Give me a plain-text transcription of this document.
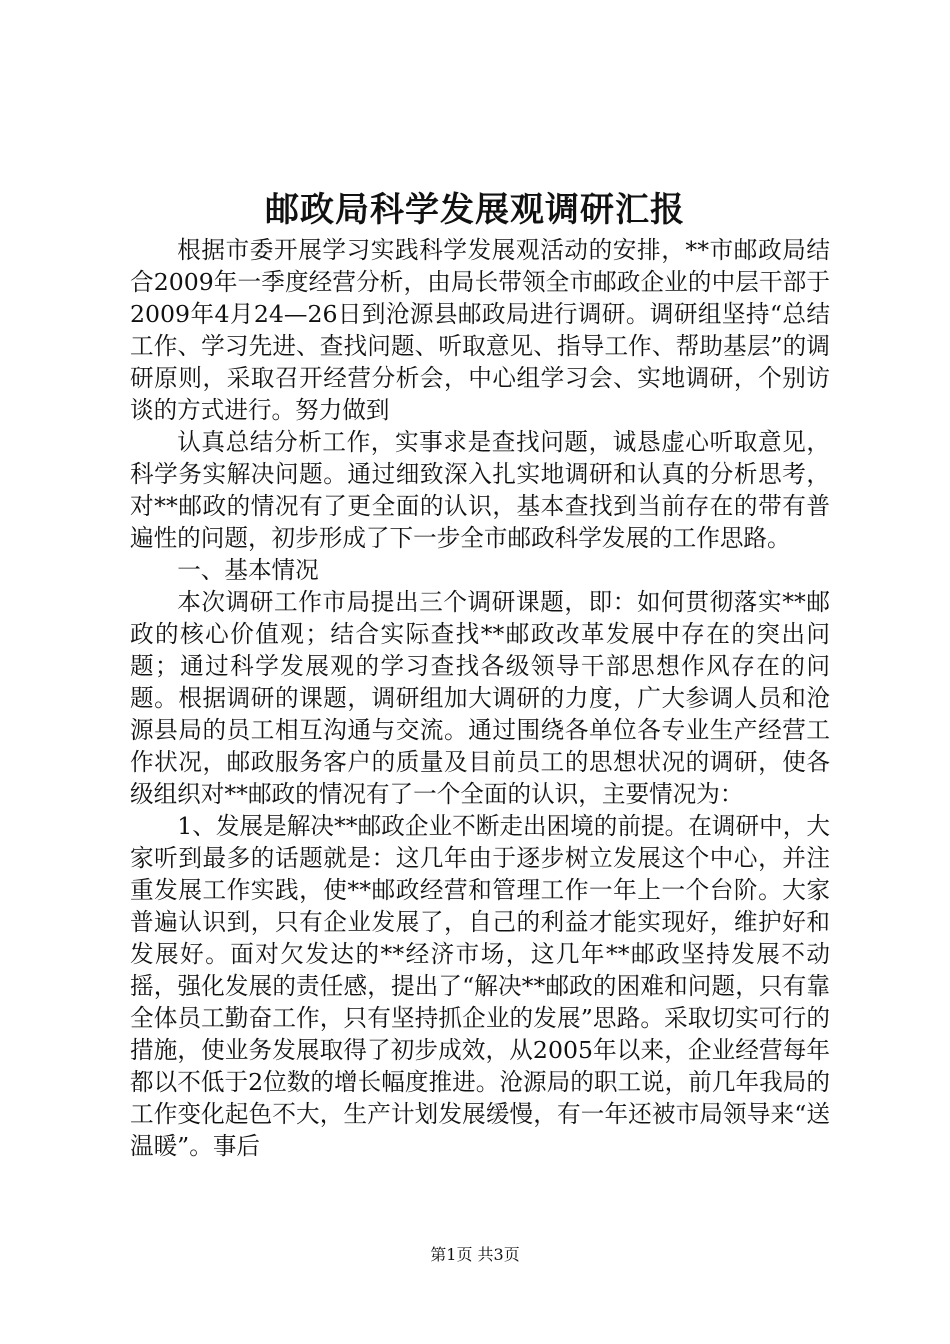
邮政局科学发展观调研汇报

根据市委开展学习实践科学发展观活动的安排，**市邮政局结合2009年一季度经营分析，由局长带领全市邮政企业的中层干部于2009年4月24—26日到沧源县邮政局进行调研。调研组坚持“总结工作、学习先进、查找问题、听取意见、指导工作、帮助基层”的调研原则，采取召开经营分析会，中心组学习会、实地调研，个别访谈的方式进行。努力做到

认真总结分析工作，实事求是查找问题，诚恳虚心听取意见，科学务实解决问题。通过细致深入扎实地调研和认真的分析思考，对**邮政的情况有了更全面的认识，基本查找到当前存在的带有普遍性的问题，初步形成了下一步全市邮政科学发展的工作思路。

一、基本情况

本次调研工作市局提出三个调研课题，即：如何贯彻落实**邮政的核心价值观；结合实际查找**邮政改革发展中存在的突出问题；通过科学发展观的学习查找各级领导干部思想作风存在的问题。根据调研的课题，调研组加大调研的力度，广大参调人员和沧源县局的员工相互沟通与交流。通过围绕各单位各专业生产经营工作状况，邮政服务客户的质量及目前员工的思想状况的调研，使各级组织对**邮政的情况有了一个全面的认识，主要情况为：

1、发展是解决**邮政企业不断走出困境的前提。在调研中，大家听到最多的话题就是：这几年由于逐步树立发展这个中心，并注重发展工作实践，使**邮政经营和管理工作一年上一个台阶。大家普遍认识到，只有企业发展了，自己的利益才能实现好，维护好和发展好。面对欠发达的**经济市场，这几年**邮政坚持发展不动摇，强化发展的责任感，提出了“解决**邮政的困难和问题，只有靠全体员工勤奋工作，只有坚持抓企业的发展”思路。采取切实可行的措施，使业务发展取得了初步成效，从2005年以来，企业经营每年都以不低于2位数的增长幅度推进。沧源局的职工说，前几年我局的工作变化起色不大，生产计划发展缓慢，有一年还被市局领导来“送温暖”。事后

第1页 共3页
